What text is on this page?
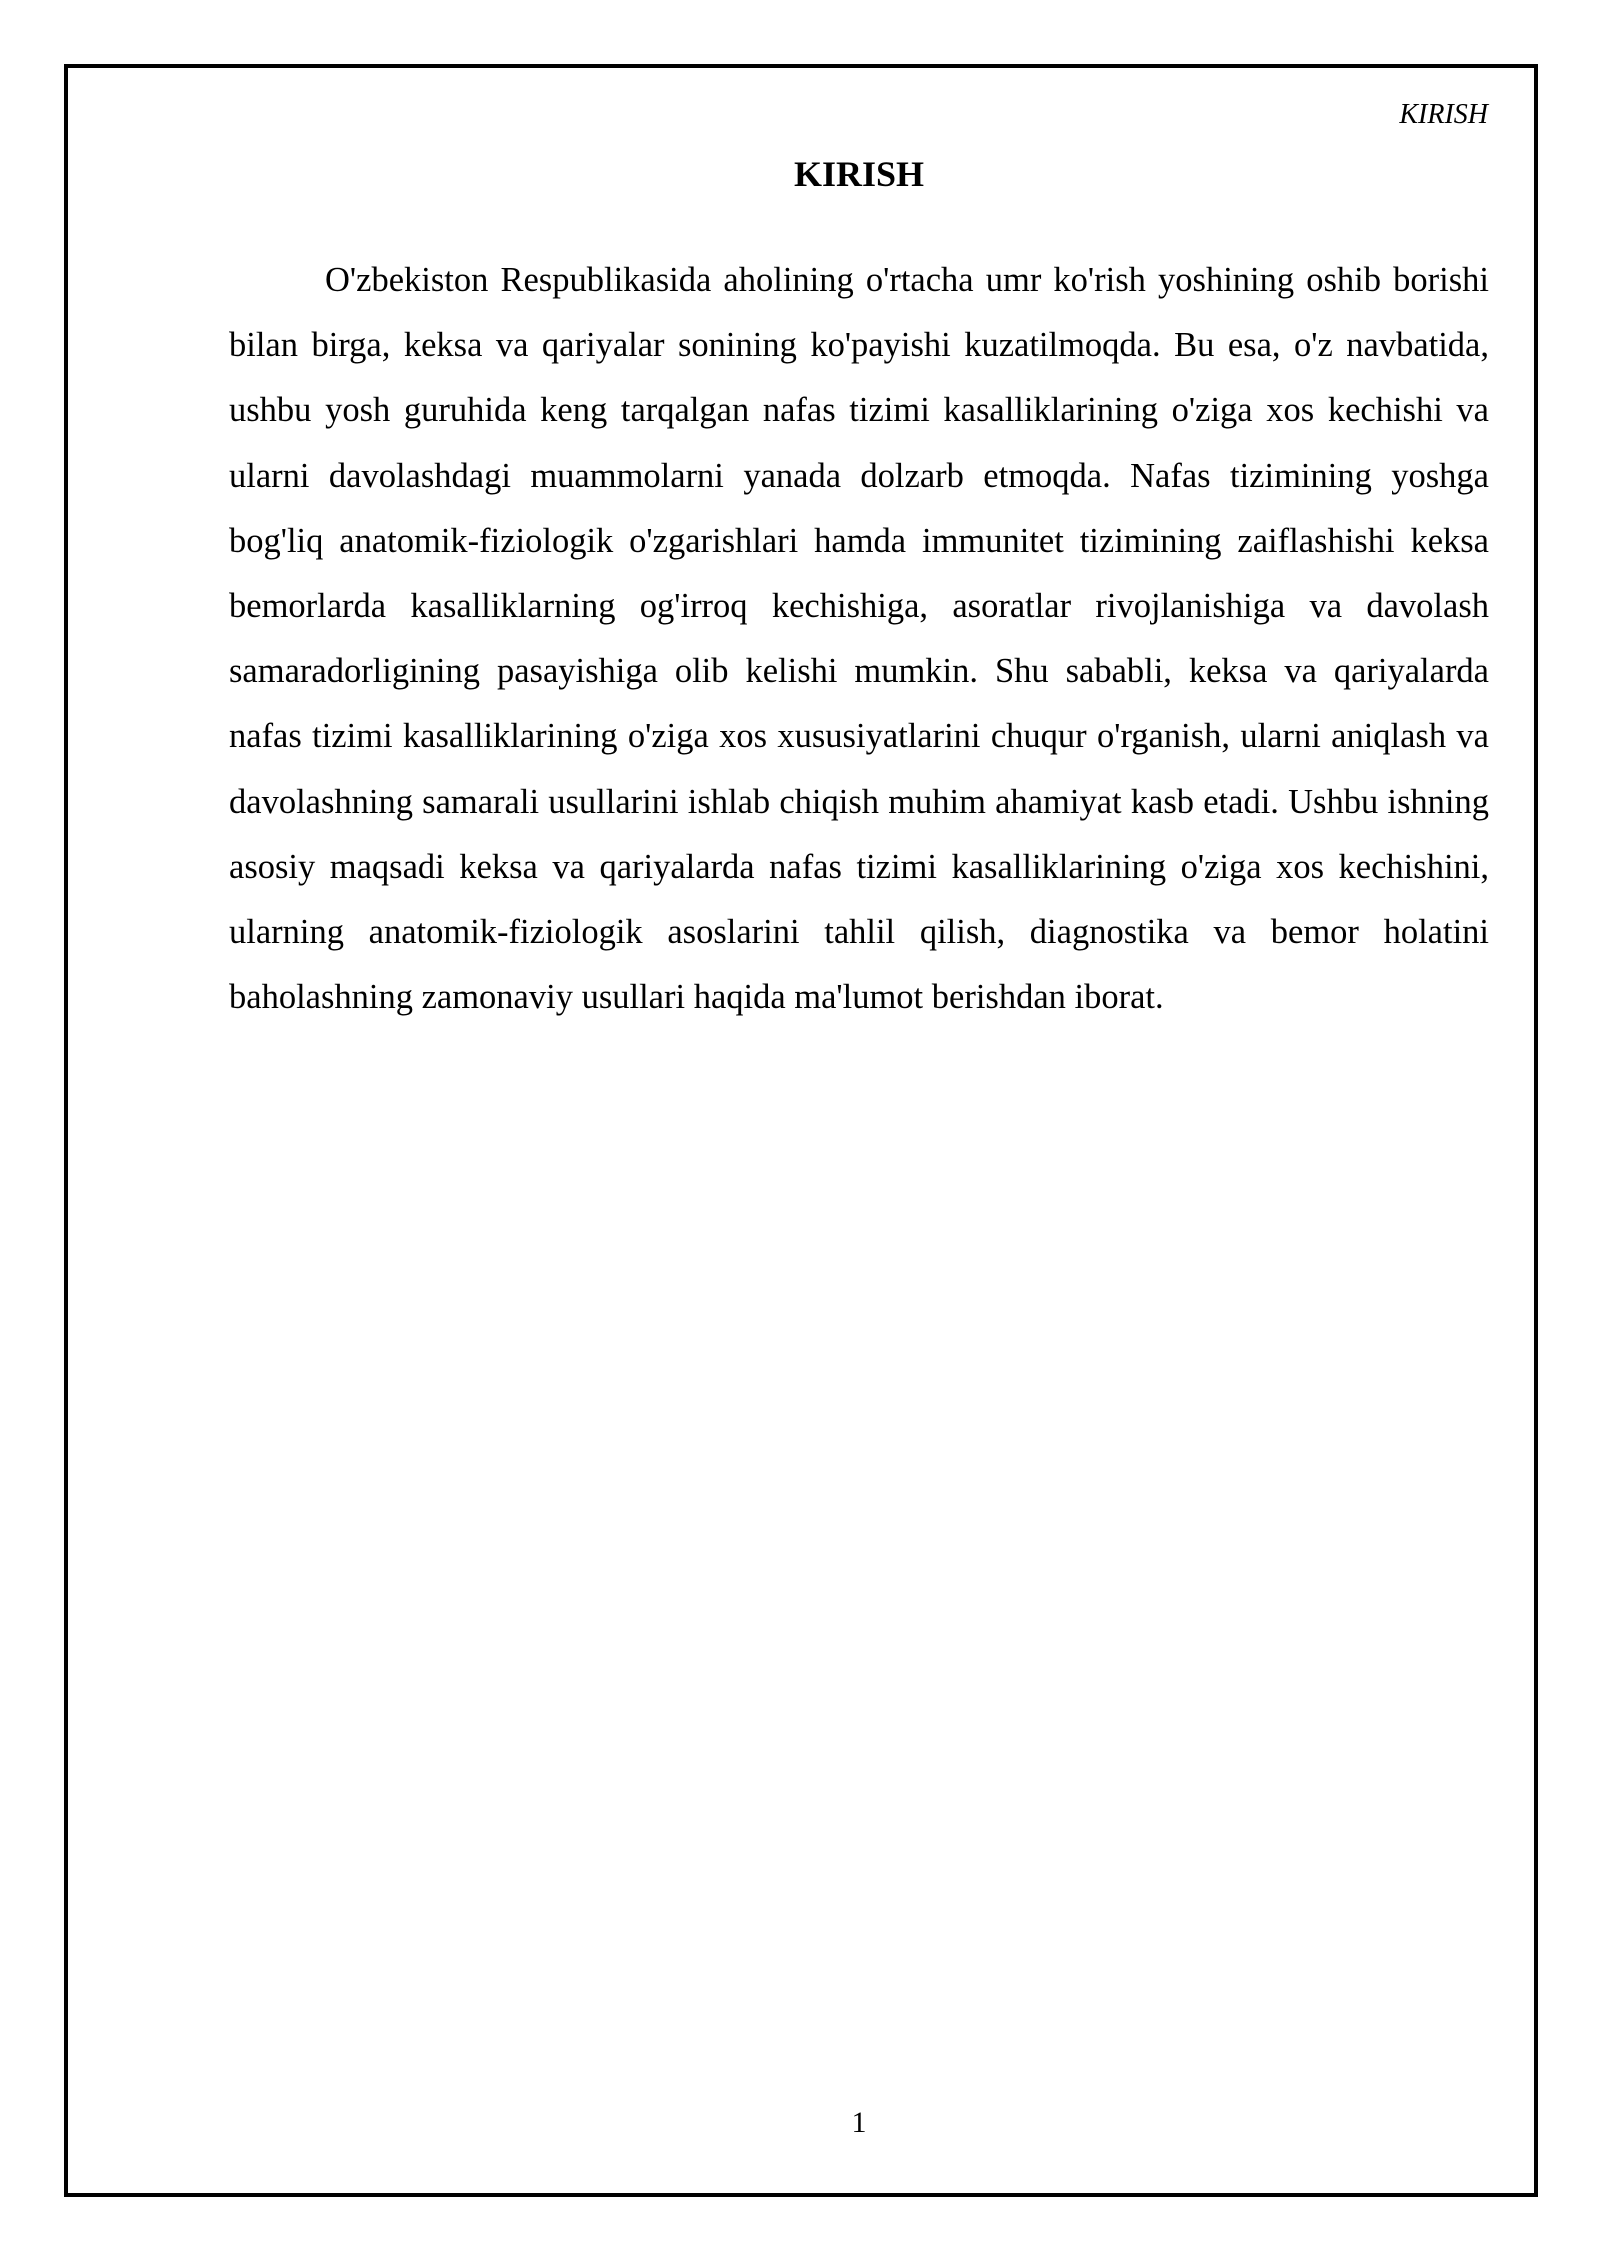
KIRISH
KIRISH

O'zbekiston Respublikasida aholining o'rtacha umr ko'rish yoshining oshib borishi bilan birga, keksa va qariyalar sonining ko'payishi kuzatilmoqda. Bu esa, o'z navbatida, ushbu yosh guruhida keng tarqalgan nafas tizimi kasalliklarining o'ziga xos kechishi va ularni davolashdagi muammolarni yanada dolzarb etmoqda. Nafas tizimining yoshga bog'liq anatomik-fiziologik o'zgarishlari hamda immunitet tizimining zaiflashishi keksa bemorlarda kasalliklarning og'irroq kechishiga, asoratlar rivojlanishiga va davolash samaradorligining pasayishiga olib kelishi mumkin. Shu sababli, keksa va qariyalarda nafas tizimi kasalliklarining o'ziga xos xususiyatlarini chuqur o'rganish, ularni aniqlash va davolashning samarali usullarini ishlab chiqish muhim ahamiyat kasb etadi. Ushbu ishning asosiy maqsadi keksa va qariyalarda nafas tizimi kasalliklarining o'ziga xos kechishini, ularning anatomik-fiziologik asoslarini tahlil qilish, diagnostika va bemor holatini baholashning zamonaviy usullari haqida ma'lumot berishdan iborat.

1
